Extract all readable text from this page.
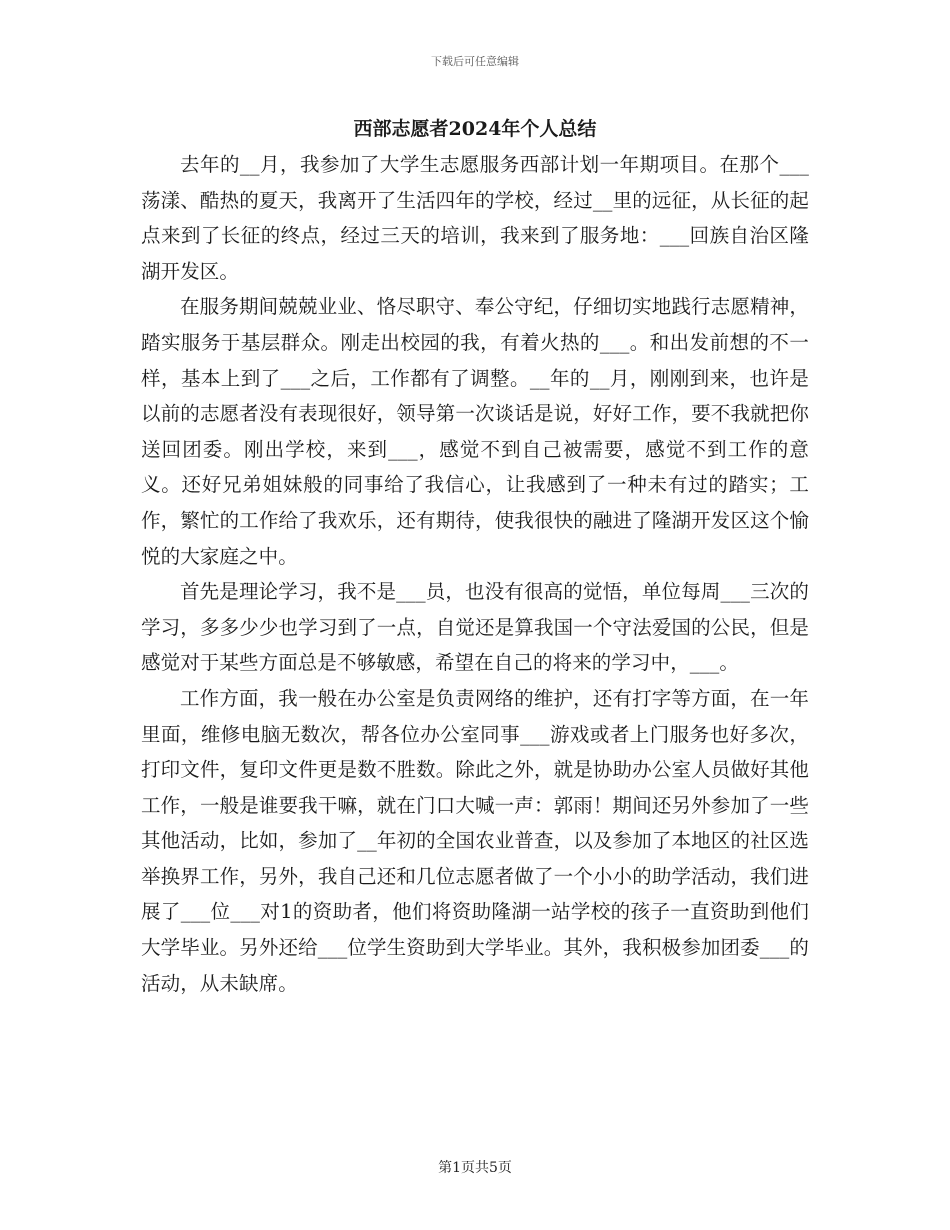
下载后可任意编辑
西部志愿者2024年个人总结

去年的__月，我参加了大学生志愿服务西部计划一年期项目。在那个___荡漾、酷热的夏天，我离开了生活四年的学校，经过__里的远征，从长征的起点来到了长征的终点，经过三天的培训，我来到了服务地：___回族自治区隆湖开发区。

在服务期间兢兢业业、恪尽职守、奉公守纪，仔细切实地践行志愿精神，踏实服务于基层群众。刚走出校园的我，有着火热的___。和出发前想的不一样，基本上到了___之后，工作都有了调整。__年的__月，刚刚到来，也许是以前的志愿者没有表现很好，领导第一次谈话是说，好好工作，要不我就把你送回团委。刚出学校，来到___，感觉不到自己被需要，感觉不到工作的意义。还好兄弟姐妹般的同事给了我信心，让我感到了一种未有过的踏实；工作，繁忙的工作给了我欢乐，还有期待，使我很快的融进了隆湖开发区这个愉悦的大家庭之中。

首先是理论学习，我不是___员，也没有很高的觉悟，单位每周___三次的学习，多多少少也学习到了一点，自觉还是算我国一个守法爱国的公民，但是感觉对于某些方面总是不够敏感，希望在自己的将来的学习中，___。

工作方面，我一般在办公室是负责网络的维护，还有打字等方面，在一年里面，维修电脑无数次，帮各位办公室同事___游戏或者上门服务也好多次，打印文件，复印文件更是数不胜数。除此之外，就是协助办公室人员做好其他工作，一般是谁要我干嘛，就在门口大喊一声：郭雨！期间还另外参加了一些其他活动，比如，参加了__年初的全国农业普查，以及参加了本地区的社区选举换界工作，另外，我自己还和几位志愿者做了一个小小的助学活动，我们进展了___位___对1的资助者，他们将资助隆湖一站学校的孩子一直资助到他们大学毕业。另外还给___位学生资助到大学毕业。其外，我积极参加团委___的活动，从未缺席。

第1页共5页
